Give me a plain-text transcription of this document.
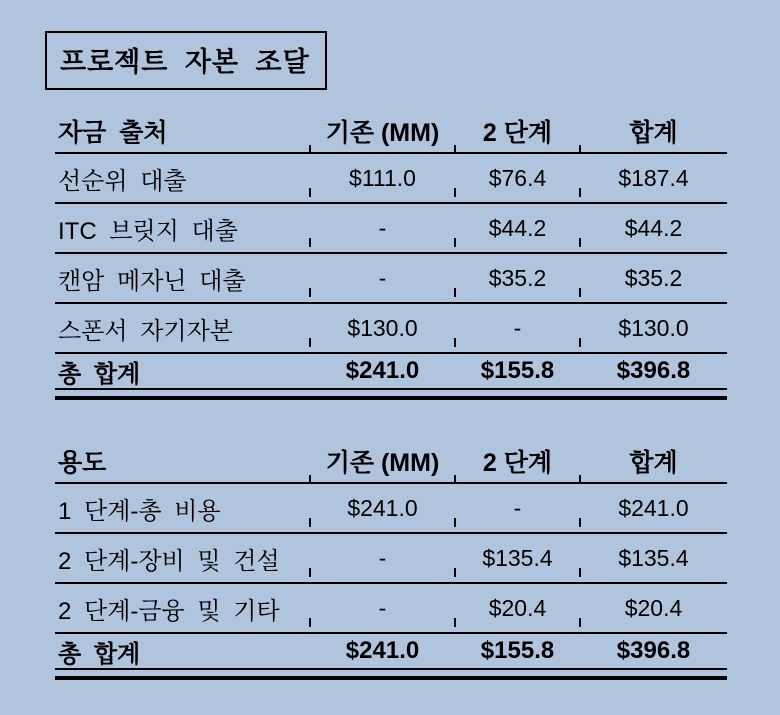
프로젝트 자본 조달
자금 출처	기존 (MM)	2 단계	합계
선순위 대출	$111.0	$76.4	$187.4
ITC 브릿지 대출	-	$44.2	$44.2
캔암 메자닌 대출	-	$35.2	$35.2
스폰서 자기자본	$130.0	-	$130.0
총 합계	$241.0	$155.8	$396.8
용도	기존 (MM)	2 단계	합계
1 단계-총 비용	$241.0	-	$241.0
2 단계-장비 및 건설	-	$135.4	$135.4
2 단계-금융 및 기타	-	$20.4	$20.4
총 합계	$241.0	$155.8	$396.8
